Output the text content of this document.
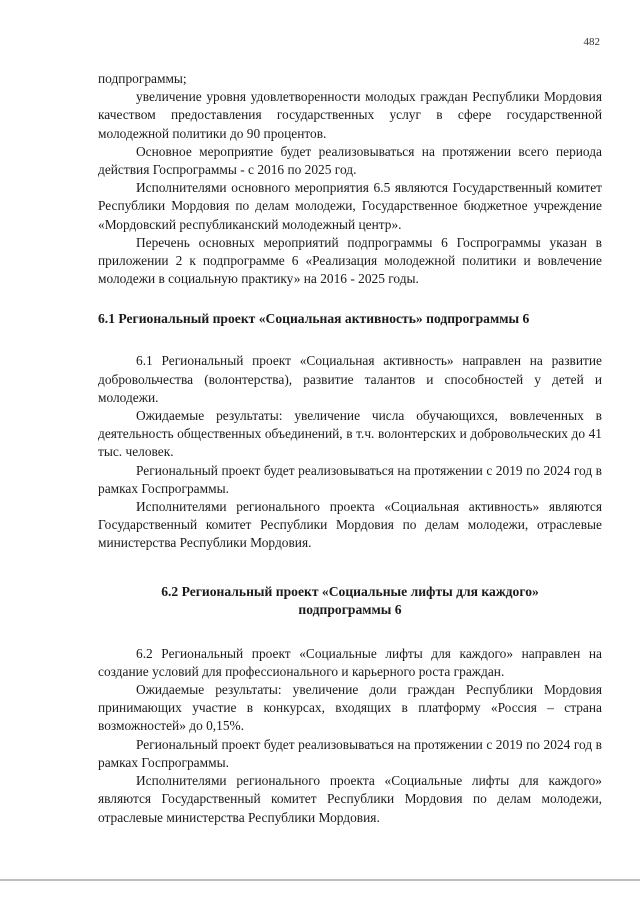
482

подпрограммы;

увеличение уровня удовлетворенности молодых граждан Республики Мордовия качеством предоставления государственных услуг в сфере государственной молодежной политики до 90 процентов.

Основное мероприятие будет реализовываться на протяжении всего периода действия Госпрограммы - с 2016 по 2025 год.

Исполнителями основного мероприятия 6.5 являются Государственный комитет Республики Мордовия по делам молодежи, Государственное бюджетное учреждение «Мордовский республиканский молодежный центр».

Перечень основных мероприятий подпрограммы 6 Госпрограммы указан в приложении 2 к подпрограмме 6 «Реализация молодежной политики и вовлечение молодежи в социальную практику» на 2016 - 2025 годы.

6.1 Региональный проект «Социальная активность» подпрограммы 6

6.1 Региональный проект «Социальная активность» направлен на развитие добровольчества (волонтерства), развитие талантов и способностей у детей и молодежи.

Ожидаемые результаты: увеличение числа обучающихся, вовлеченных в деятельность общественных объединений, в т.ч. волонтерских и добровольческих до 41 тыс. человек.

Региональный проект будет реализовываться на протяжении с 2019 по 2024 год в рамках Госпрограммы.

Исполнителями регионального проекта «Социальная активность» являются Государственный комитет Республики Мордовия по делам молодежи, отраслевые министерства Республики Мордовия.

6.2 Региональный проект «Социальные лифты для каждого»
подпрограммы 6

6.2 Региональный проект «Социальные лифты для каждого» направлен на создание условий для профессионального и карьерного роста граждан.

Ожидаемые результаты: увеличение доли граждан Республики Мордовия принимающих участие в конкурсах, входящих в платформу «Россия – страна возможностей» до 0,15%.

Региональный проект будет реализовываться на протяжении с 2019 по 2024 год в рамках Госпрограммы.

Исполнителями регионального проекта «Социальные лифты для каждого» являются Государственный комитет Республики Мордовия по делам молодежи, отраслевые министерства Республики Мордовия.
